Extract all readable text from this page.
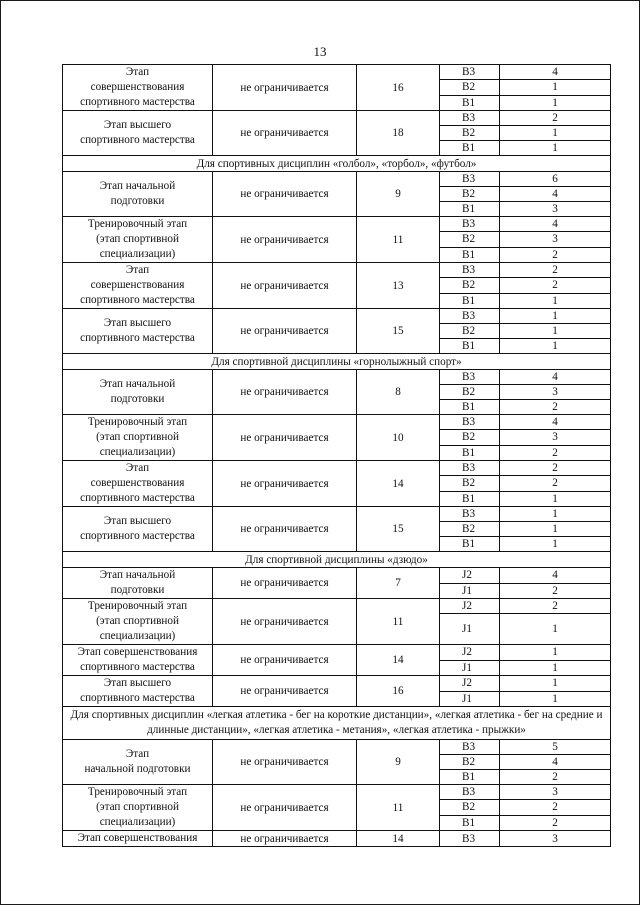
13
Этап
совершенствования
спортивного мастерства	не ограничивается	16	В3	4
			В2	1
			В1	1
Этап высшего
спортивного мастерства	не ограничивается	18	В3	2
			В2	1
			В1	1
Для спортивных дисциплин «голбол», «торбол», «футбол»				
Этап начальной
подготовки	не ограничивается	9	В3	6
			В2	4
			В1	3
Тренировочный этап
(этап спортивной
специализации)	не ограничивается	11	В3	4
			В2	3
			В1	2
Этап
совершенствования
спортивного мастерства	не ограничивается	13	В3	2
			В2	2
			В1	1
Этап высшего
спортивного мастерства	не ограничивается	15	В3	1
			В2	1
			В1	1
Для спортивной дисциплины «горнолыжный спорт»				
Этап начальной
подготовки	не ограничивается	8	В3	4
			В2	3
			В1	2
Тренировочный этап
(этап спортивной
специализации)	не ограничивается	10	В3	4
			В2	3
			В1	2
Этап
совершенствования
спортивного мастерства	не ограничивается	14	В3	2
			В2	2
			В1	1
Этап высшего
спортивного мастерства	не ограничивается	15	В3	1
			В2	1
			В1	1
Для спортивной дисциплины «дзюдо»				
Этап начальной
подготовки	не ограничивается	7	J2	4
			J1	2
Тренировочный этап
(этап спортивной
специализации)	не ограничивается	11	J2	2
			J1	1
Этап совершенствования
спортивного мастерства	не ограничивается	14	J2	1
			J1	1
Этап высшего
спортивного мастерства	не ограничивается	16	J2	1
			J1	1
Для спортивных дисциплин «легкая атлетика - бег на короткие дистанции», «легкая атлетика - бег на средние и длинные дистанции», «легкая атлетика - метания», «легкая атлетика - прыжки»				
Этап
начальной подготовки	не ограничивается	9	В3	5
			В2	4
			В1	2
Тренировочный этап
(этап спортивной
специализации)	не ограничивается	11	В3	3
			В2	2
			В1	2
Этап совершенствования	не ограничивается	14	В3	3
